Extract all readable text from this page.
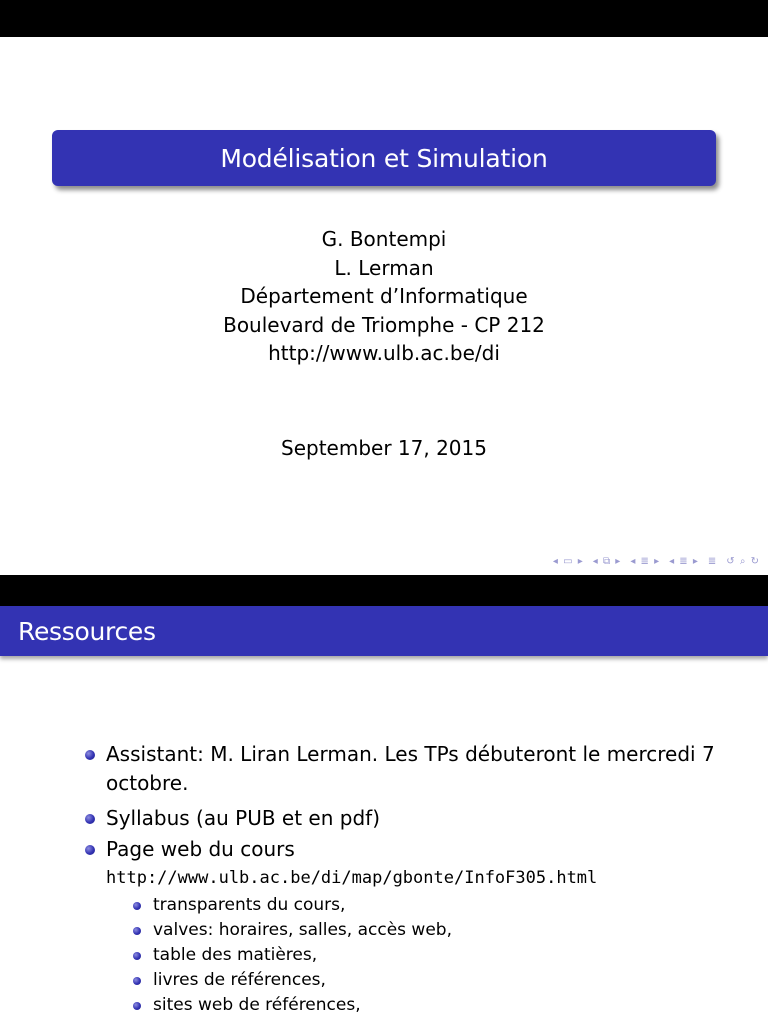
Modélisation et Simulation
G. Bontempi
L. Lerman
Département d’Informatique
Boulevard de Triomphe - CP 212
http://www.ulb.ac.be/di
September 17, 2015
◂ ▭ ▸ ◂ ⧉ ▸ ◂ ≣ ▸ ◂ ≣ ▸ ≣ ↺ ⌕ ↻
Ressources
Assistant: M. Liran Lerman. Les TPs débuteront le mercredi 7
octobre.
Syllabus (au PUB et en pdf)
Page web du cours
http://www.ulb.ac.be/di/map/gbonte/InfoF305.html
transparents du cours,
valves: horaires, salles, accès web,
table des matières,
livres de références,
sites web de références,
